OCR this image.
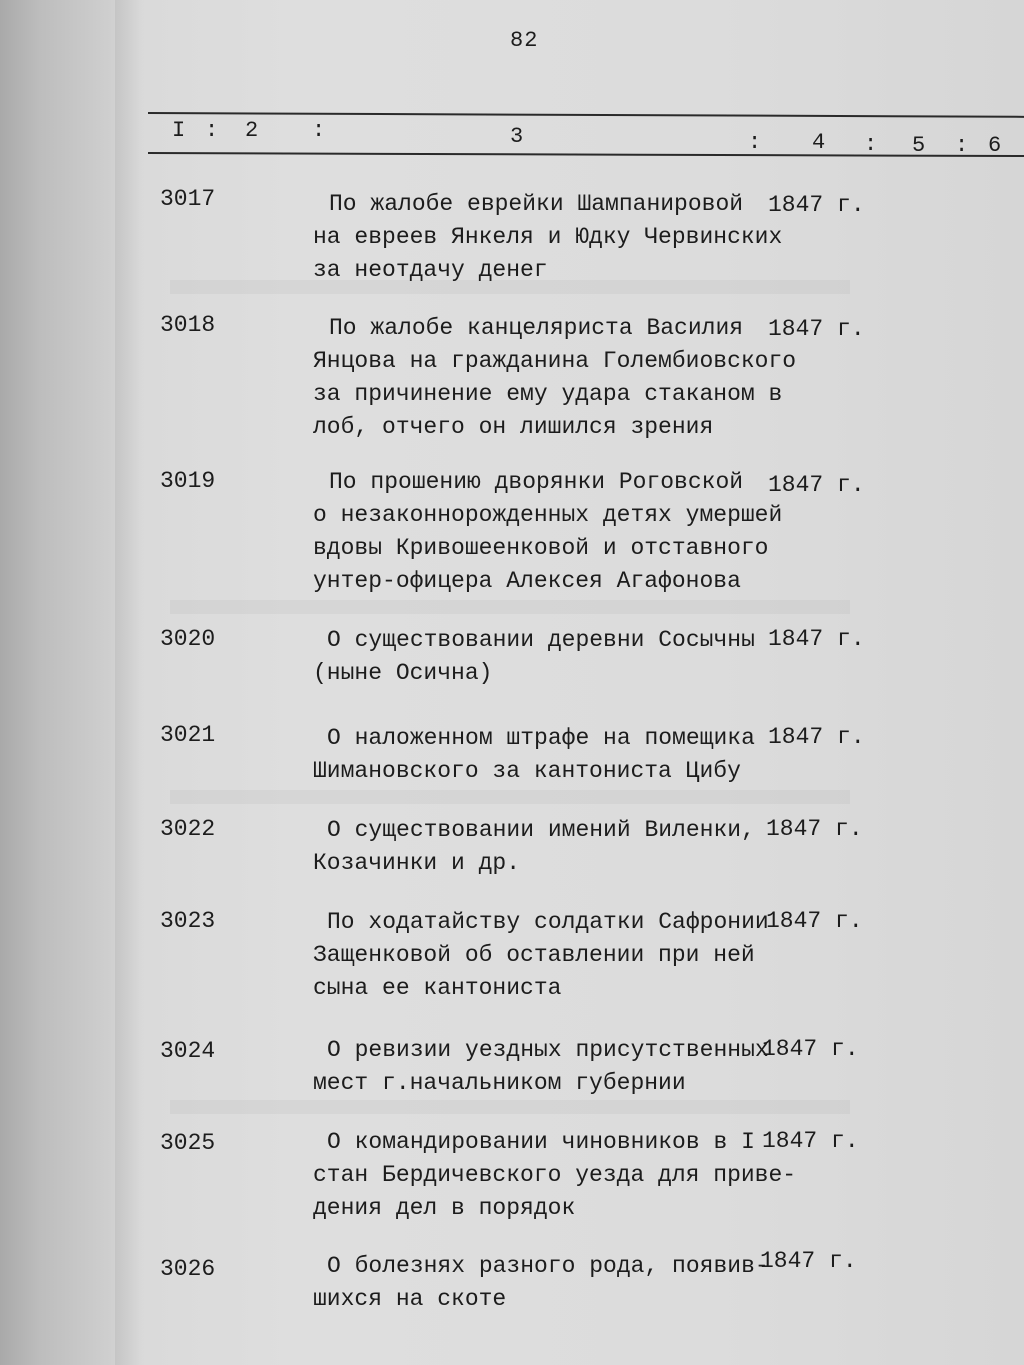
82
I : 2 :	3	: 4 : 5 : 6
3017	По жалобе еврейки Шампанировой
на евреев Янкеля и Юдку Червинских
за неотдачу денег
1847 г.
3018	По жалобе канцеляриста Василия
Янцова на гражданина Голембиовского
за причинение ему удара стаканом в
лоб, отчего он лишился зрения
1847 г.
3019	По прошению дворянки Роговской
о незаконнорожденных детях умершей
вдовы Кривошеенковой и отставного
унтер-офицера Алексея Агафонова
1847 г.
3020	О существовании деревни Сосычны
(ныне Осична)
1847 г.
3021	О наложенном штрафе на помещика
Шимановского за кантониста Цибу
1847 г.
3022	О существовании имений Виленки,
Козачинки и др.
1847 г.
3023	По ходатайству солдатки Сафронии
Защенковой об оставлении при ней
сына ее кантониста
1847 г.
3024	О ревизии уездных присутственных
мест г.начальником губернии
1847 г.
3025	О командировании чиновников в I
стан Бердичевского уезда для приве-
дения дел в порядок
1847 г.
3026	О болезнях разного рода, появив-
шихся на скоте
1847 г.
